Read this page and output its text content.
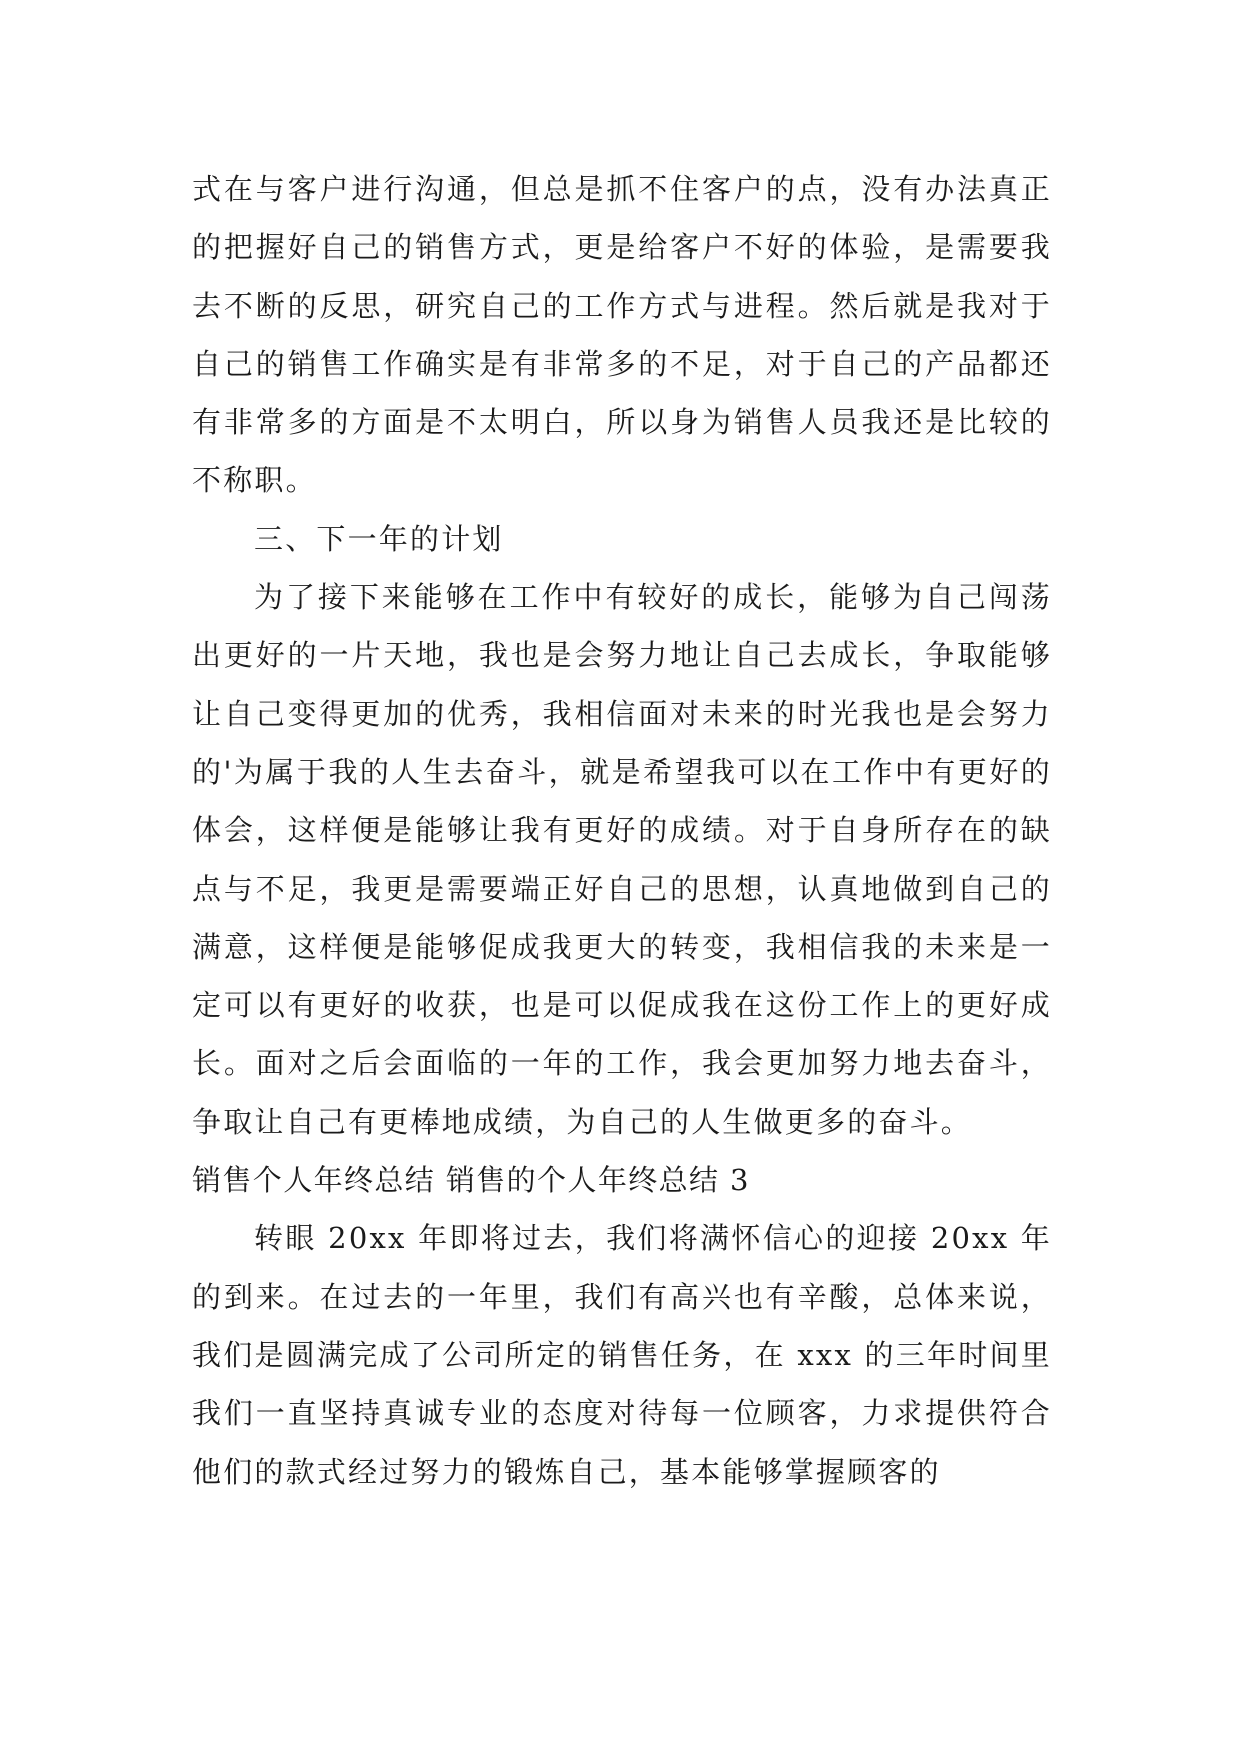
式在与客户进行沟通，但总是抓不住客户的点，没有办法真正的把握好自己的销售方式，更是给客户不好的体验，是需要我去不断的反思，研究自己的工作方式与进程。然后就是我对于自己的销售工作确实是有非常多的不足，对于自己的产品都还有非常多的方面是不太明白，所以身为销售人员我还是比较的不称职。

三、下一年的计划

为了接下来能够在工作中有较好的成长，能够为自己闯荡出更好的一片天地，我也是会努力地让自己去成长，争取能够让自己变得更加的优秀，我相信面对未来的时光我也是会努力的'为属于我的人生去奋斗，就是希望我可以在工作中有更好的体会，这样便是能够让我有更好的成绩。对于自身所存在的缺点与不足，我更是需要端正好自己的思想，认真地做到自己的满意，这样便是能够促成我更大的转变，我相信我的未来是一定可以有更好的收获，也是可以促成我在这份工作上的更好成长。面对之后会面临的一年的工作，我会更加努力地去奋斗，争取让自己有更棒地成绩，为自己的人生做更多的奋斗。

销售个人年终总结 销售的个人年终总结 3

转眼 20xx 年即将过去，我们将满怀信心的迎接 20xx 年的到来。在过去的一年里，我们有高兴也有辛酸，总体来说，我们是圆满完成了公司所定的销售任务，在 xxx 的三年时间里我们一直坚持真诚专业的态度对待每一位顾客，力求提供符合他们的款式经过努力的锻炼自己，基本能够掌握顾客的
